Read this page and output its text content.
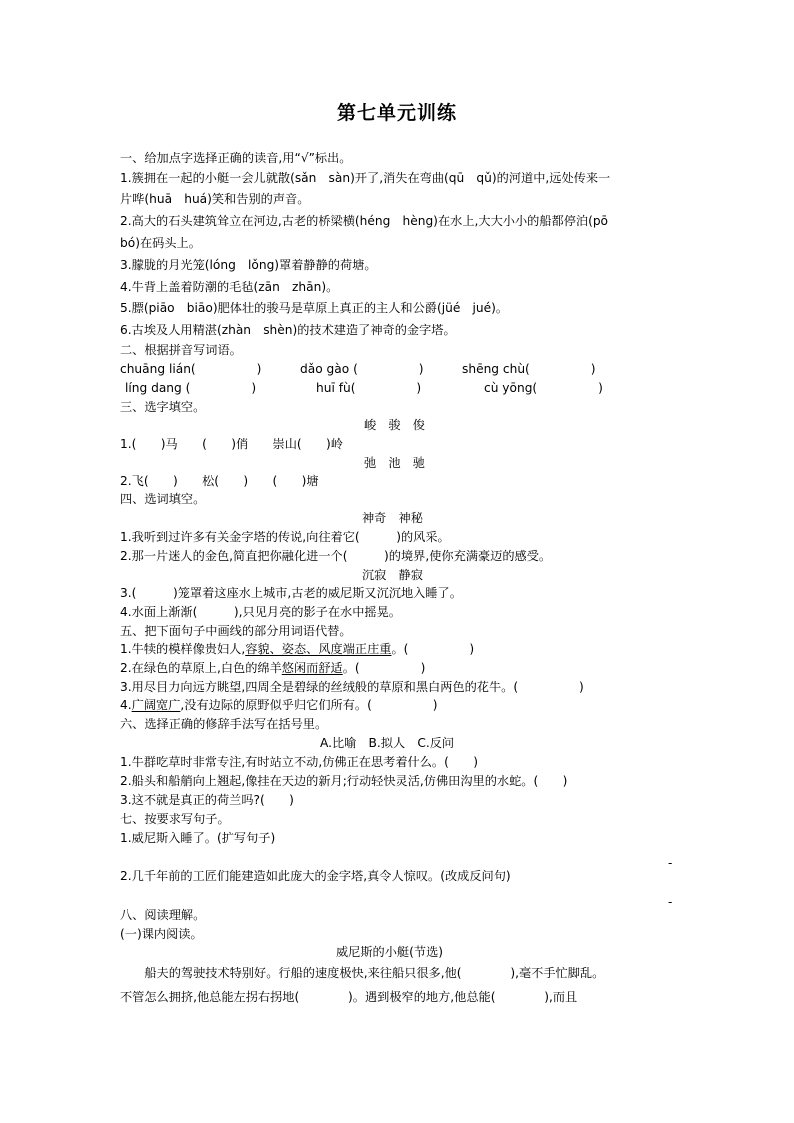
第七单元训练
一、给加点字选择正确的读音,用“√”标出。
1.簇拥在一起的小艇一会儿就散(sǎn　sàn)开了,消失在弯曲(qū　qǔ)的河道中,远处传来一
片哗(huā　huá)笑和告别的声音。
2.高大的石头建筑耸立在河边,古老的桥梁横(héng　hèng)在水上,大大小小的船都停泊(pō
bó)在码头上。
3.朦胧的月光笼(lóng　lǒng)罩着静静的荷塘。
4.牛背上盖着防潮的毛毡(zān　zhān)。
5.膘(piāo　biāo)肥体壮的骏马是草原上真正的主人和公爵(jüé　jué)。
6.古埃及人用精湛(zhàn　shèn)的技术建造了神奇的金字塔。
二、根据拼音写词语。
chuāng lián(　　　　　)	dǎo gào (　　　　　)	shēng chù(　　　　　)
líng dang (　　　　　)	huī fù(　　　　　)	cù yōng(　　　　　)
三、选字填空。
峻　骏　俊
1.(　　)马　　(　　)俏　　崇山(　　)岭
弛　池　驰
2.飞(　　)　　松(　　)　　(　　)塘
四、选词填空。
神奇　神秘
1.我听到过许多有关金字塔的传说,向往着它(　　　)的风采。
2.那一片迷人的金色,简直把你融化进一个(　　　)的境界,使你充满豪迈的感受。
沉寂　静寂
3.(　　　)笼罩着这座水上城市,古老的威尼斯又沉沉地入睡了。
4.水面上渐渐(　　　),只见月亮的影子在水中摇晃。
五、把下面句子中画线的部分用词语代替。
1.牛犊的模样像贵妇人,容貌、姿态、风度端正庄重。(　　　　　)
2.在绿色的草原上,白色的绵羊悠闲而舒适。(　　　　　)
3.用尽目力向远方眺望,四周全是碧绿的丝绒般的草原和黑白两色的花牛。(　　　　　)
4.广阔宽广,没有边际的原野似乎归它们所有。(　　　　　)
六、选择正确的修辞手法写在括号里。
A.比喻　B.拟人　C.反问
1.牛群吃草时非常专注,有时站立不动,仿佛正在思考着什么。(　　)
2.船头和船艄向上翘起,像挂在天边的新月;行动轻快灵活,仿佛田沟里的水蛇。(　　)
3.这不就是真正的荷兰吗?(　　)
七、按要求写句子。
1.威尼斯入睡了。(扩写句子)
-
2.几千年前的工匠们能建造如此庞大的金字塔,真令人惊叹。(改成反问句)
-
八、阅读理解。
(一)课内阅读。
威尼斯的小艇(节选)
　　船夫的驾驶技术特别好。行船的速度极快,来往船只很多,他(　　　　),毫不手忙脚乱。
不管怎么拥挤,他总能左拐右拐地(　　　　)。遇到极窄的地方,他总能(　　　　),而且
